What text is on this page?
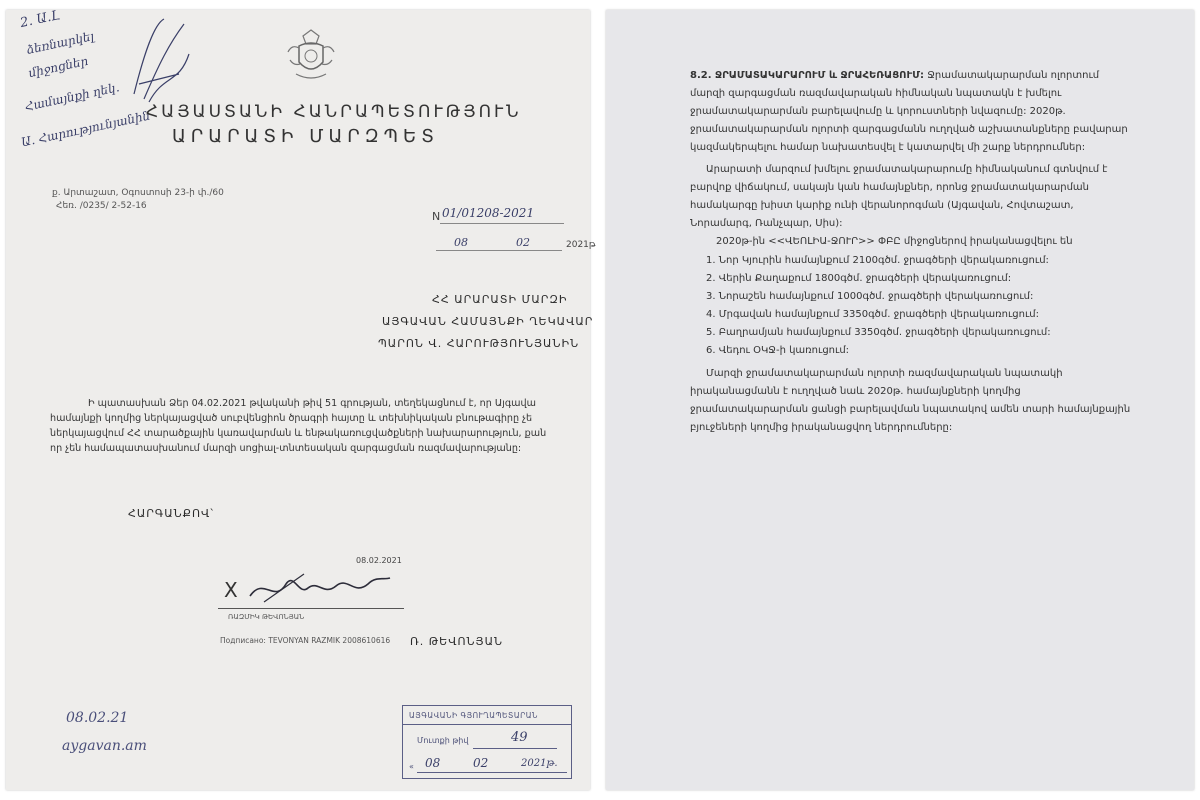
2. Ա․Լ
ձեռնարկել
միջոցներ
Համայնքի ղեկ․
Ա․ Հարությունյանին
ՀԱՅԱՍՏԱՆԻ ՀԱՆՐԱՊԵՏՈՒԹՅՈՒՆ
ԱՐԱՐԱՏԻ ՄԱՐԶՊԵՏ
ք. Արտաշատ, Օգոստոսի 23-ի փ./60
Հեռ. /0235/ 2-52-16
N 01/01208-2021
08	02	2021թ
ՀՀ ԱՐԱՐԱՏԻ ՄԱՐԶԻ
ԱՅԳԱՎԱՆ ՀԱՄԱՅՆՔԻ ՂԵԿԱՎԱՐ
ՊԱՐՈՆ Վ. ՀԱՐՈՒԹՅՈՒՆՅԱՆԻՆ
Ի պատասխան Ձեր 04.02.2021 թվականի թիվ 51 գրության, տեղեկացնում է, որ Այգավա
համայնքի կողմից ներկայացված սուբվենցիոն ծրագրի հայտը և տեխնիկական բնութագիրը չե
ներկայացվում ՀՀ տարածքային կառավարման և ենթակառուցվածքների նախարարություն, քան
որ չեն համապատասխանում մարզի սոցիալ-տնտեսական զարգացման ռազմավարությանը:
ՀԱՐԳԱՆՔՈՎ՝
08.02.2021
X
ՌԱԶՄԻԿ ԹԵՎՈՆՅԱՆ
Подписано: TEVONYAN RAZMIK 2008610616 Ռ. ԹԵՎՈՆՅԱՆ
08.02.21
aygavan.am
ԱՅԳԱՎԱՆԻ ԳՅՈՒՂԱՊԵՏԱՐԱՆ
Մուտքի թիվ	49
« 08	02	2021թ.
8.2. ՋՐԱՄԱՏԱԿԱՐԱՐՈՒՄ և ՋՐԱՀԵՌԱՑՈՒՄ: Ջրամատակարարման ոլորտում
մարզի զարգացման ռազմավարական հիմնական նպատակն է խմելու
ջրամատակարարման բարելավումը և կորուստների նվազումը: 2020թ.
ջրամատակարարման ոլորտի զարգացմանն ուղղված աշխատանքները բավարար
կազմակերպելու համար նախատեսվել է կատարվել մի շարք ներդրումներ:
Արարատի մարզում խմելու ջրամատակարարումը հիմնականում գտնվում է
բարվոք վիճակում, սակայն կան համայնքներ, որոնց ջրամատակարարման
համակարգը խիստ կարիք ունի վերանորոգման (Այգավան, Հովտաշատ,
Նորամարգ, Ռանչպար, Սիս):
2020թ-ին <<ՎԵՈԼԻԱ-ՋՈՒՐ>> ՓԲԸ միջոցներով իրականացվելու են
1. Նոր Կյուրին համայնքում 2100գծմ. ջրագծերի վերակառուցում:
2. Վերին Քաղաքում 1800գծմ. ջրագծերի վերակառուցում:
3. Նորաշեն համայնքում 1000գծմ. ջրագծերի վերակառուցում:
4. Մրգավան համայնքում 3350գծմ. ջրագծերի վերակառուցում:
5. Բաղրամյան համայնքում 3350գծմ. ջրագծերի վերակառուցում:
6. Վեդու ՕԿՋ-ի կառուցում:
Մարզի ջրամատակարարման ոլորտի ռազմավարական նպատակի
իրականացմանն է ուղղված նաև 2020թ. համայնքների կողմից
ջրամատակարարման ցանցի բարելավման նպատակով ամեն տարի համայնքային
բյուջեների կողմից իրականացվող ներդրումները:
